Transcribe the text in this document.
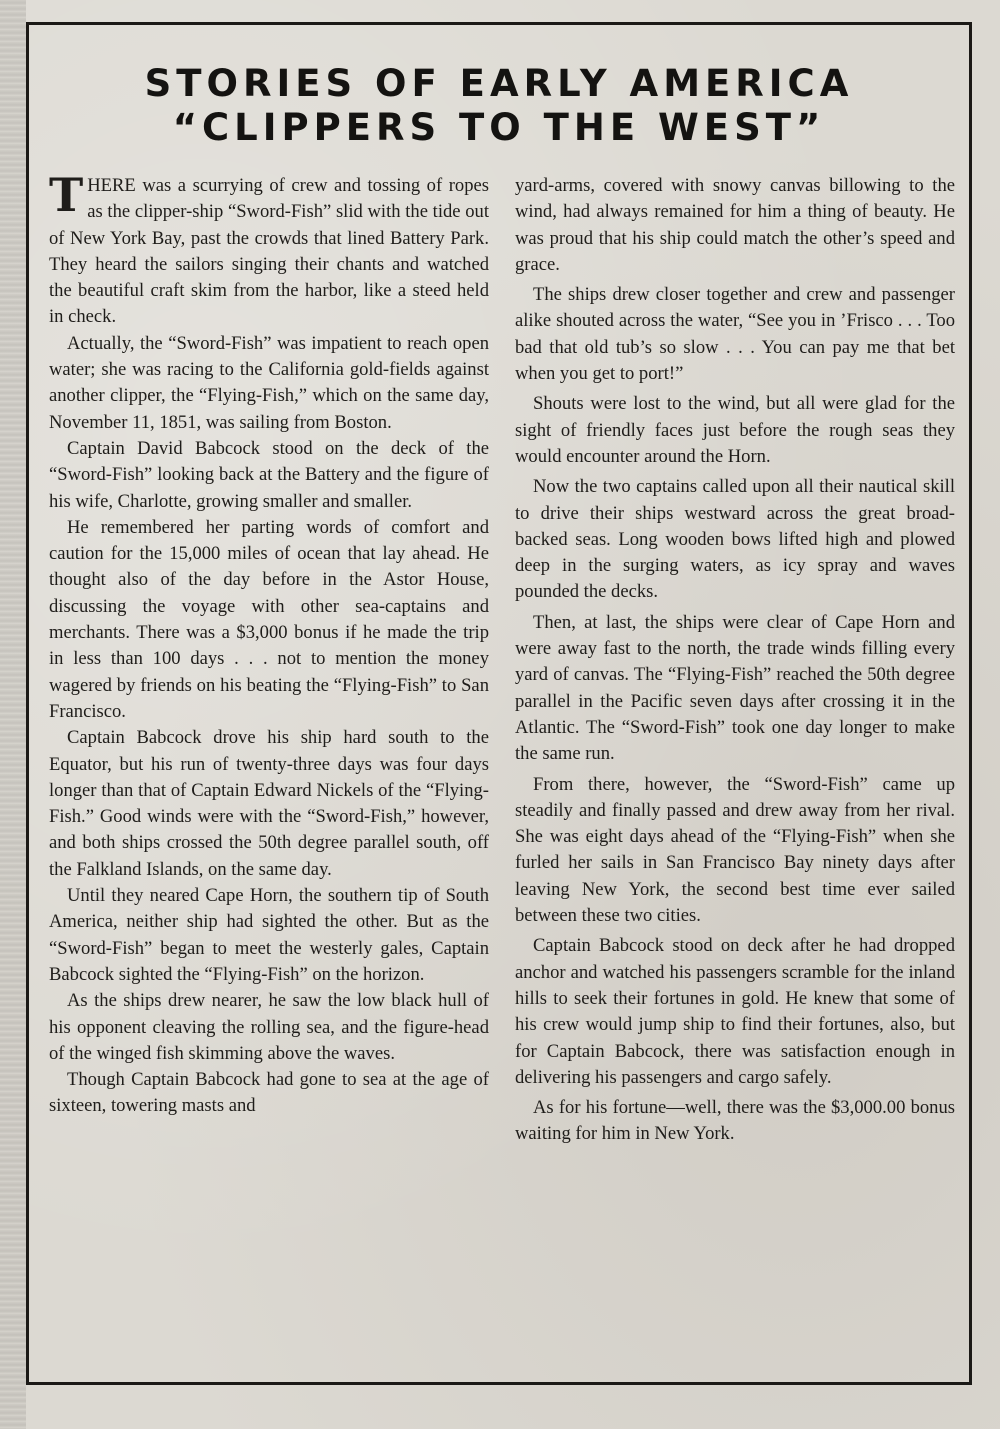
STORIES OF EARLY AMERICA
“CLIPPERS TO THE WEST”

THERE was a scurrying of crew and tossing of ropes as the clipper-ship “Sword-Fish” slid with the tide out of New York Bay, past the crowds that lined Battery Park. They heard the sailors singing their chants and watched the beautiful craft skim from the harbor, like a steed held in check.

Actually, the “Sword-Fish” was impatient to reach open water; she was racing to the California gold-fields against another clipper, the “Flying-Fish,” which on the same day, November 11, 1851, was sailing from Boston.

Captain David Babcock stood on the deck of the “Sword-Fish” looking back at the Battery and the figure of his wife, Charlotte, growing smaller and smaller.

He remembered her parting words of comfort and caution for the 15,000 miles of ocean that lay ahead. He thought also of the day before in the Astor House, discussing the voyage with other sea-captains and merchants. There was a $3,000 bonus if he made the trip in less than 100 days . . . not to mention the money wagered by friends on his beating the “Flying-Fish” to San Francisco.

Captain Babcock drove his ship hard south to the Equator, but his run of twenty-three days was four days longer than that of Captain Edward Nickels of the “Flying-Fish.” Good winds were with the “Sword-Fish,” however, and both ships crossed the 50th degree parallel south, off the Falkland Islands, on the same day.

Until they neared Cape Horn, the southern tip of South America, neither ship had sighted the other. But as the “Sword-Fish” began to meet the westerly gales, Captain Babcock sighted the “Flying-Fish” on the horizon.

As the ships drew nearer, he saw the low black hull of his opponent cleaving the rolling sea, and the figure-head of the winged fish skimming above the waves.

Though Captain Babcock had gone to sea at the age of sixteen, towering masts and

yard-arms, covered with snowy canvas billowing to the wind, had always remained for him a thing of beauty. He was proud that his ship could match the other’s speed and grace.

The ships drew closer together and crew and passenger alike shouted across the water, “See you in ’Frisco . . . Too bad that old tub’s so slow . . . You can pay me that bet when you get to port!”

Shouts were lost to the wind, but all were glad for the sight of friendly faces just before the rough seas they would encounter around the Horn.

Now the two captains called upon all their nautical skill to drive their ships westward across the great broad-backed seas. Long wooden bows lifted high and plowed deep in the surging waters, as icy spray and waves pounded the decks.

Then, at last, the ships were clear of Cape Horn and were away fast to the north, the trade winds filling every yard of canvas. The “Flying-Fish” reached the 50th degree parallel in the Pacific seven days after crossing it in the Atlantic. The “Sword-Fish” took one day longer to make the same run.

From there, however, the “Sword-Fish” came up steadily and finally passed and drew away from her rival. She was eight days ahead of the “Flying-Fish” when she furled her sails in San Francisco Bay ninety days after leaving New York, the second best time ever sailed between these two cities.

Captain Babcock stood on deck after he had dropped anchor and watched his passengers scramble for the inland hills to seek their fortunes in gold. He knew that some of his crew would jump ship to find their fortunes, also, but for Captain Babcock, there was satisfaction enough in delivering his passengers and cargo safely.

As for his fortune—well, there was the $3,000.00 bonus waiting for him in New York.
